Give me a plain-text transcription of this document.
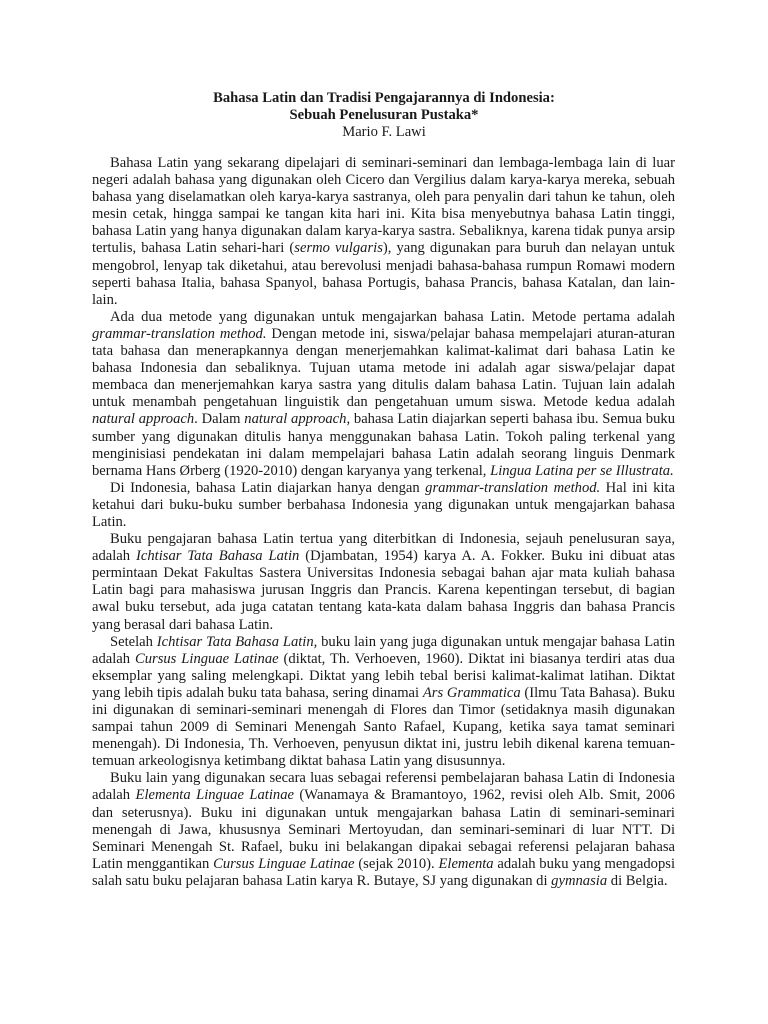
Bahasa Latin dan Tradisi Pengajarannya di Indonesia:
Sebuah Penelusuran Pustaka*
Mario F. Lawi

Bahasa Latin yang sekarang dipelajari di seminari-seminari dan lembaga-lembaga lain di luar negeri adalah bahasa yang digunakan oleh Cicero dan Vergilius dalam karya-karya mereka, sebuah bahasa yang diselamatkan oleh karya-karya sastranya, oleh para penyalin dari tahun ke tahun, oleh mesin cetak, hingga sampai ke tangan kita hari ini. Kita bisa menyebutnya bahasa Latin tinggi, bahasa Latin yang hanya digunakan dalam karya-karya sastra. Sebaliknya, karena tidak punya arsip tertulis, bahasa Latin sehari-hari (sermo vulgaris), yang digunakan para buruh dan nelayan untuk mengobrol, lenyap tak diketahui, atau berevolusi menjadi bahasa-bahasa rumpun Romawi modern seperti bahasa Italia, bahasa Spanyol, bahasa Portugis, bahasa Prancis, bahasa Katalan, dan lain-lain.

Ada dua metode yang digunakan untuk mengajarkan bahasa Latin. Metode pertama adalah grammar-translation method. Dengan metode ini, siswa/pelajar bahasa mempelajari aturan-aturan tata bahasa dan menerapkannya dengan menerjemahkan kalimat-kalimat dari bahasa Latin ke bahasa Indonesia dan sebaliknya. Tujuan utama metode ini adalah agar siswa/pelajar dapat membaca dan menerjemahkan karya sastra yang ditulis dalam bahasa Latin. Tujuan lain adalah untuk menambah pengetahuan linguistik dan pengetahuan umum siswa. Metode kedua adalah natural approach. Dalam natural approach, bahasa Latin diajarkan seperti bahasa ibu. Semua buku sumber yang digunakan ditulis hanya menggunakan bahasa Latin. Tokoh paling terkenal yang menginisiasi pendekatan ini dalam mempelajari bahasa Latin adalah seorang linguis Denmark bernama Hans Ørberg (1920-2010) dengan karyanya yang terkenal, Lingua Latina per se Illustrata.

Di Indonesia, bahasa Latin diajarkan hanya dengan grammar-translation method. Hal ini kita ketahui dari buku-buku sumber berbahasa Indonesia yang digunakan untuk mengajarkan bahasa Latin.

Buku pengajaran bahasa Latin tertua yang diterbitkan di Indonesia, sejauh penelusuran saya, adalah Ichtisar Tata Bahasa Latin (Djambatan, 1954) karya A. A. Fokker. Buku ini dibuat atas permintaan Dekat Fakultas Sastera Universitas Indonesia sebagai bahan ajar mata kuliah bahasa Latin bagi para mahasiswa jurusan Inggris dan Prancis. Karena kepentingan tersebut, di bagian awal buku tersebut, ada juga catatan tentang kata-kata dalam bahasa Inggris dan bahasa Prancis yang berasal dari bahasa Latin.

Setelah Ichtisar Tata Bahasa Latin, buku lain yang juga digunakan untuk mengajar bahasa Latin adalah Cursus Linguae Latinae (diktat, Th. Verhoeven, 1960). Diktat ini biasanya terdiri atas dua eksemplar yang saling melengkapi. Diktat yang lebih tebal berisi kalimat-kalimat latihan. Diktat yang lebih tipis adalah buku tata bahasa, sering dinamai Ars Grammatica (Ilmu Tata Bahasa). Buku ini digunakan di seminari-seminari menengah di Flores dan Timor (setidaknya masih digunakan sampai tahun 2009 di Seminari Menengah Santo Rafael, Kupang, ketika saya tamat seminari menengah). Di Indonesia, Th. Verhoeven, penyusun diktat ini, justru lebih dikenal karena temuan-temuan arkeologisnya ketimbang diktat bahasa Latin yang disusunnya.

Buku lain yang digunakan secara luas sebagai referensi pembelajaran bahasa Latin di Indonesia adalah Elementa Linguae Latinae (Wanamaya & Bramantoyo, 1962, revisi oleh Alb. Smit, 2006 dan seterusnya). Buku ini digunakan untuk mengajarkan bahasa Latin di seminari-seminari menengah di Jawa, khususnya Seminari Mertoyudan, dan seminari-seminari di luar NTT. Di Seminari Menengah St. Rafael, buku ini belakangan dipakai sebagai referensi pelajaran bahasa Latin menggantikan Cursus Linguae Latinae (sejak 2010). Elementa adalah buku yang mengadopsi salah satu buku pelajaran bahasa Latin karya R. Butaye, SJ yang digunakan di gymnasia di Belgia.
